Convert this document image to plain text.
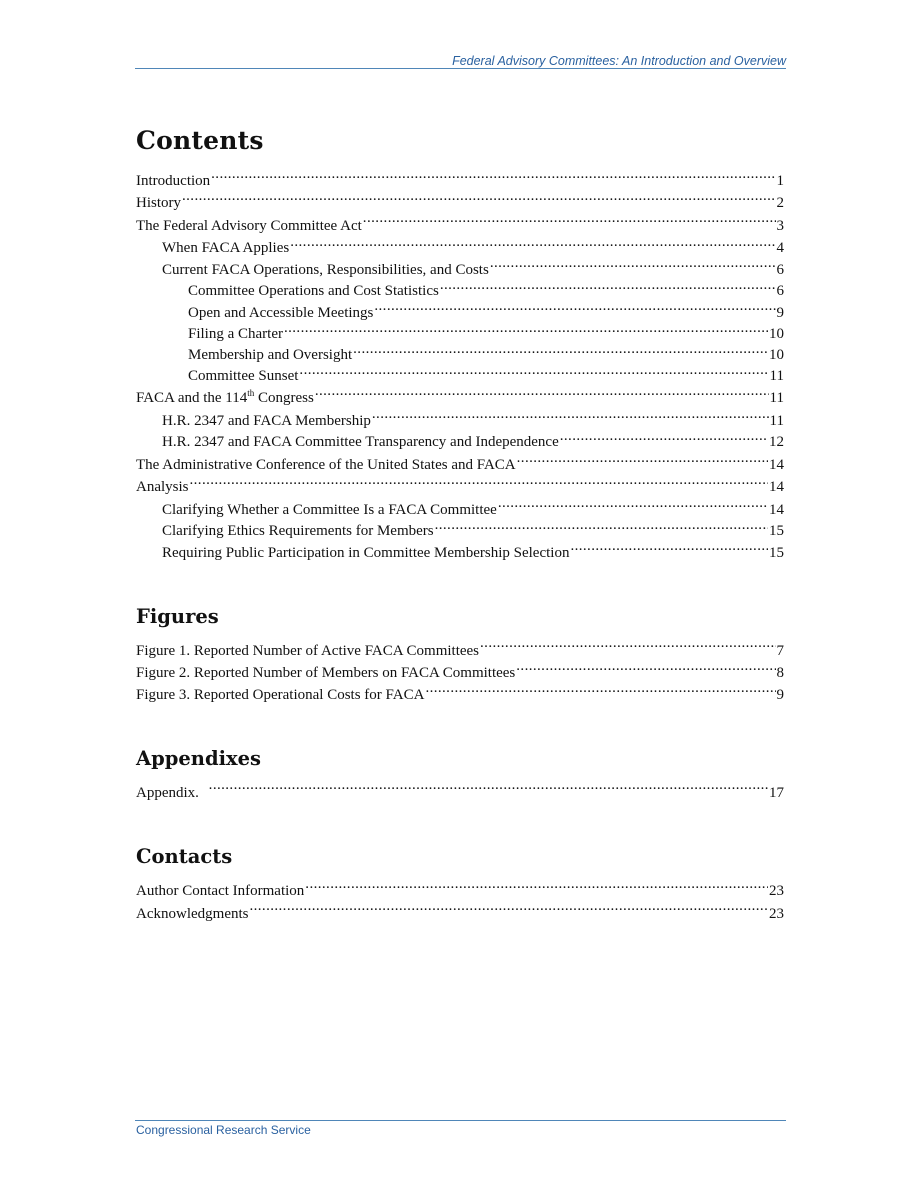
Federal Advisory Committees: An Introduction and Overview
Contents
Introduction .....	1
History .....	2
The Federal Advisory Committee Act .....	3
When FACA Applies .....	4
Current FACA Operations, Responsibilities, and Costs .....	6
Committee Operations and Cost Statistics .....	6
Open and Accessible Meetings .....	9
Filing a Charter .....	10
Membership and Oversight .....	10
Committee Sunset .....	11
FACA and the 114th Congress .....	11
H.R. 2347 and FACA Membership .....	11
H.R. 2347 and FACA Committee Transparency and Independence .....	12
The Administrative Conference of the United States and FACA .....	14
Analysis .....	14
Clarifying Whether a Committee Is a FACA Committee .....	14
Clarifying Ethics Requirements for Members .....	15
Requiring Public Participation in Committee Membership Selection .....	15
Figures
Figure 1. Reported Number of Active FACA Committees .....	7
Figure 2. Reported Number of Members on FACA Committees .....	8
Figure 3. Reported Operational Costs for FACA .....	9
Appendixes
Appendix. .....	17
Contacts
Author Contact Information .....	23
Acknowledgments .....	23
Congressional Research Service
